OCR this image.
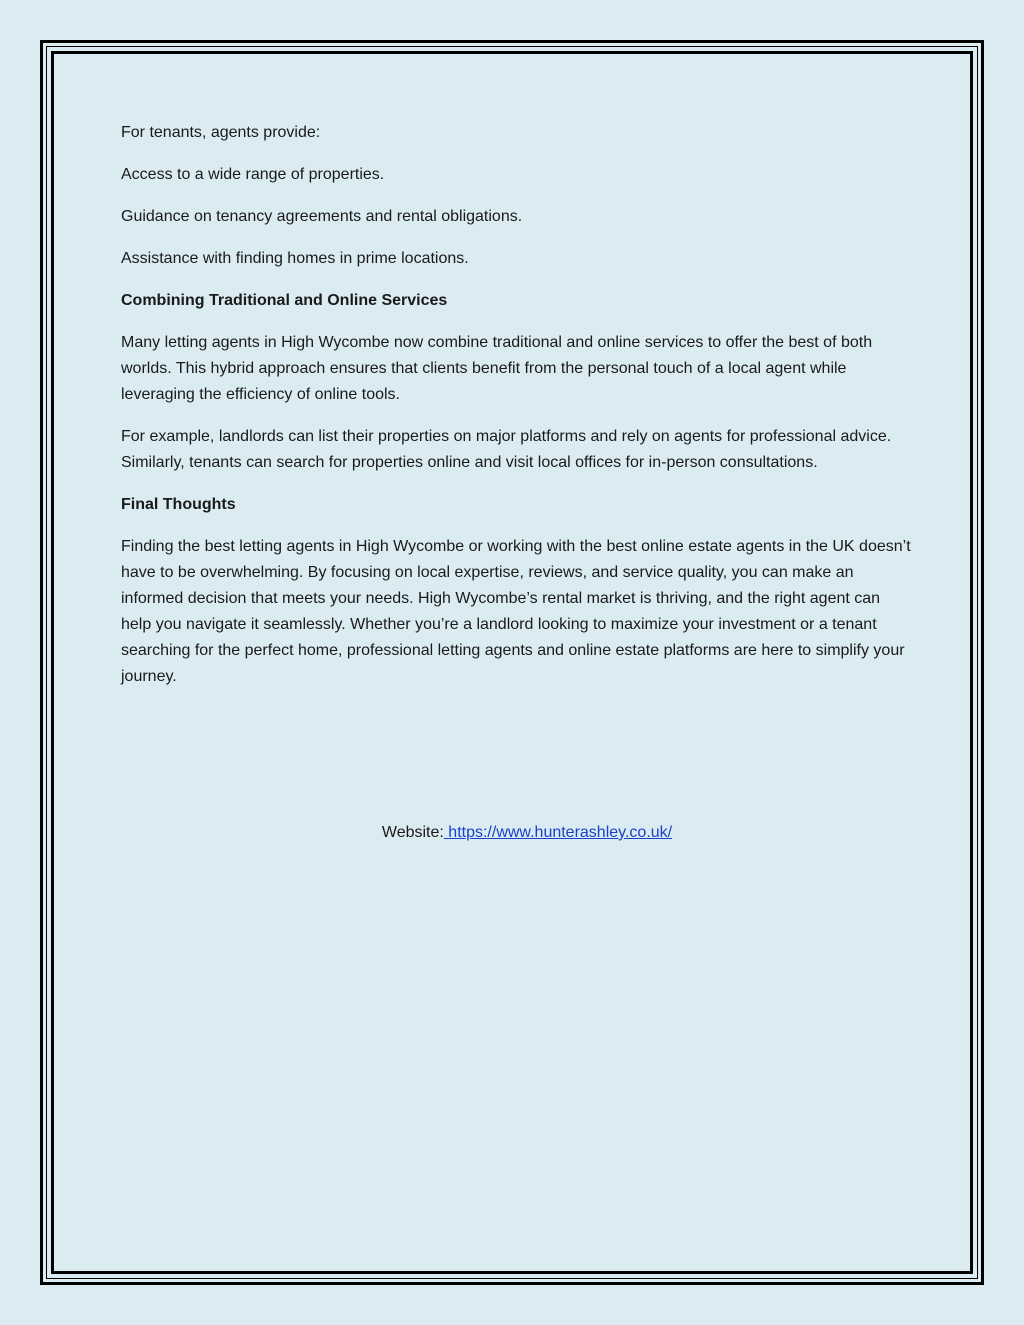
For tenants, agents provide:

Access to a wide range of properties.

Guidance on tenancy agreements and rental obligations.

Assistance with finding homes in prime locations.

Combining Traditional and Online Services

Many letting agents in High Wycombe now combine traditional and online services to offer the best of both worlds. This hybrid approach ensures that clients benefit from the personal touch of a local agent while leveraging the efficiency of online tools.

For example, landlords can list their properties on major platforms and rely on agents for professional advice. Similarly, tenants can search for properties online and visit local offices for in-person consultations.

Final Thoughts

Finding the best letting agents in High Wycombe or working with the best online estate agents in the UK doesn’t have to be overwhelming. By focusing on local expertise, reviews, and service quality, you can make an informed decision that meets your needs. High Wycombe’s rental market is thriving, and the right agent can help you navigate it seamlessly. Whether you’re a landlord looking to maximize your investment or a tenant searching for the perfect home, professional letting agents and online estate platforms are here to simplify your journey.

Website: https://www.hunterashley.co.uk/
